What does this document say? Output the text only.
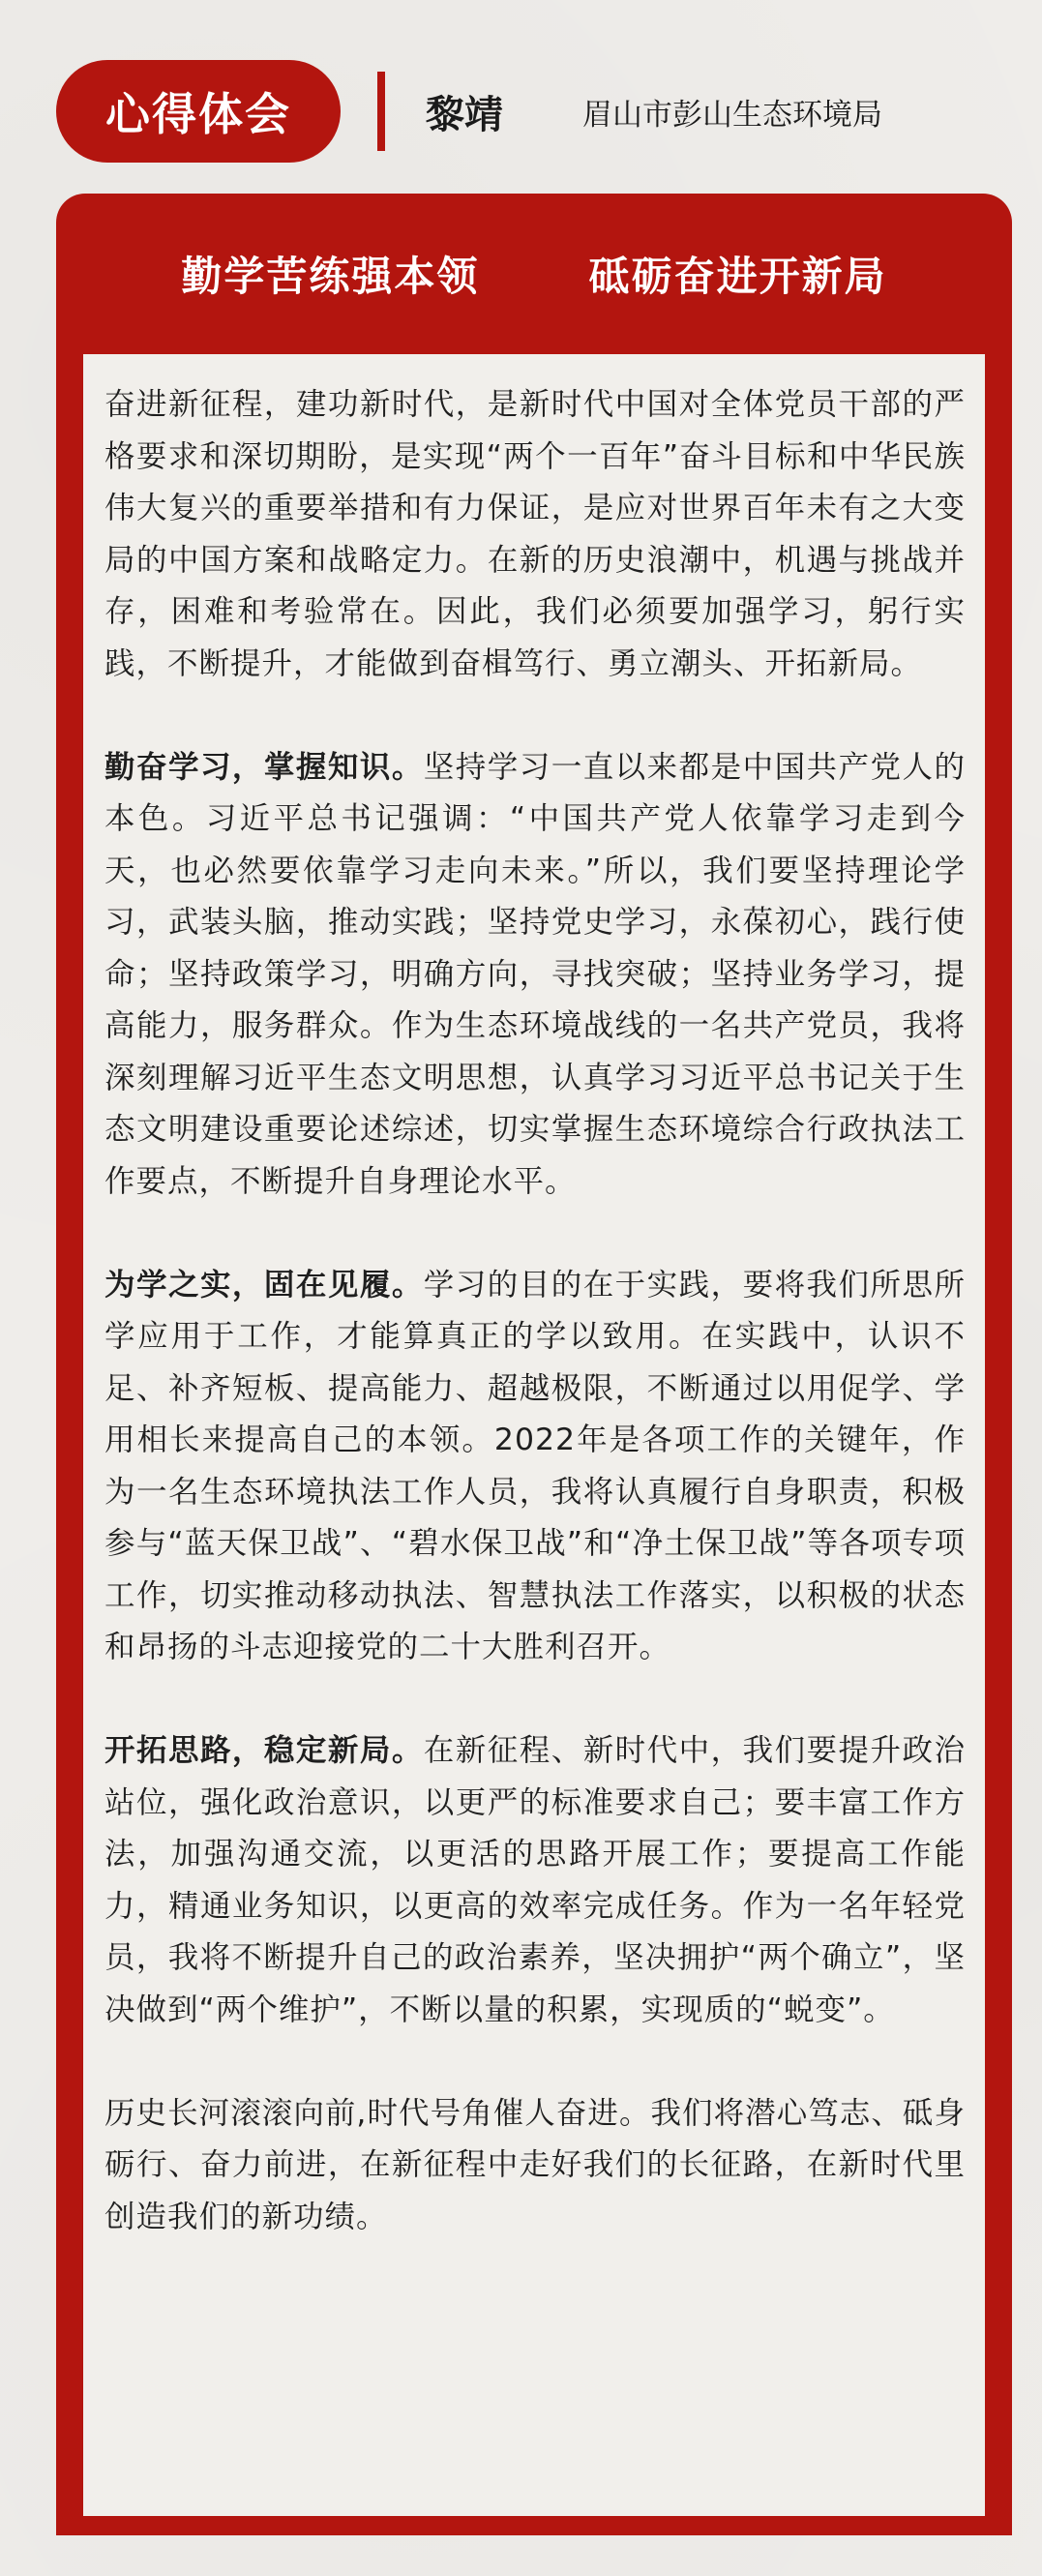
心得体会	黎靖	眉山市彭山生态环境局
勤学苦练强本领  砥砺奋进开新局

奋进新征程，建功新时代，是新时代中国对全体党员干部的严格要求和深切期盼，是实现“两个一百年”奋斗目标和中华民族伟大复兴的重要举措和有力保证，是应对世界百年未有之大变局的中国方案和战略定力。在新的历史浪潮中，机遇与挑战并存，困难和考验常在。因此，我们必须要加强学习，躬行实践，不断提升，才能做到奋楫笃行、勇立潮头、开拓新局。

勤奋学习，掌握知识。坚持学习一直以来都是中国共产党人的本色。习近平总书记强调：“中国共产党人依靠学习走到今天，也必然要依靠学习走向未来。”所以，我们要坚持理论学习，武装头脑，推动实践；坚持党史学习，永葆初心，践行使命；坚持政策学习，明确方向，寻找突破；坚持业务学习，提高能力，服务群众。作为生态环境战线的一名共产党员，我将深刻理解习近平生态文明思想，认真学习习近平总书记关于生态文明建设重要论述综述，切实掌握生态环境综合行政执法工作要点，不断提升自身理论水平。

为学之实，固在见履。学习的目的在于实践，要将我们所思所学应用于工作，才能算真正的学以致用。在实践中，认识不足、补齐短板、提高能力、超越极限，不断通过以用促学、学用相长来提高自己的本领。2022年是各项工作的关键年，作为一名生态环境执法工作人员，我将认真履行自身职责，积极参与“蓝天保卫战”、“碧水保卫战”和“净土保卫战”等各项专项工作，切实推动移动执法、智慧执法工作落实，以积极的状态和昂扬的斗志迎接党的二十大胜利召开。

开拓思路，稳定新局。在新征程、新时代中，我们要提升政治站位，强化政治意识，以更严的标准要求自己；要丰富工作方法，加强沟通交流，以更活的思路开展工作；要提高工作能力，精通业务知识，以更高的效率完成任务。作为一名年轻党员，我将不断提升自己的政治素养，坚决拥护“两个确立”，坚决做到“两个维护”，不断以量的积累，实现质的“蜕变”。

历史长河滚滚向前,时代号角催人奋进。我们将潜心笃志、砥身砺行、奋力前进，在新征程中走好我们的长征路，在新时代里创造我们的新功绩。
